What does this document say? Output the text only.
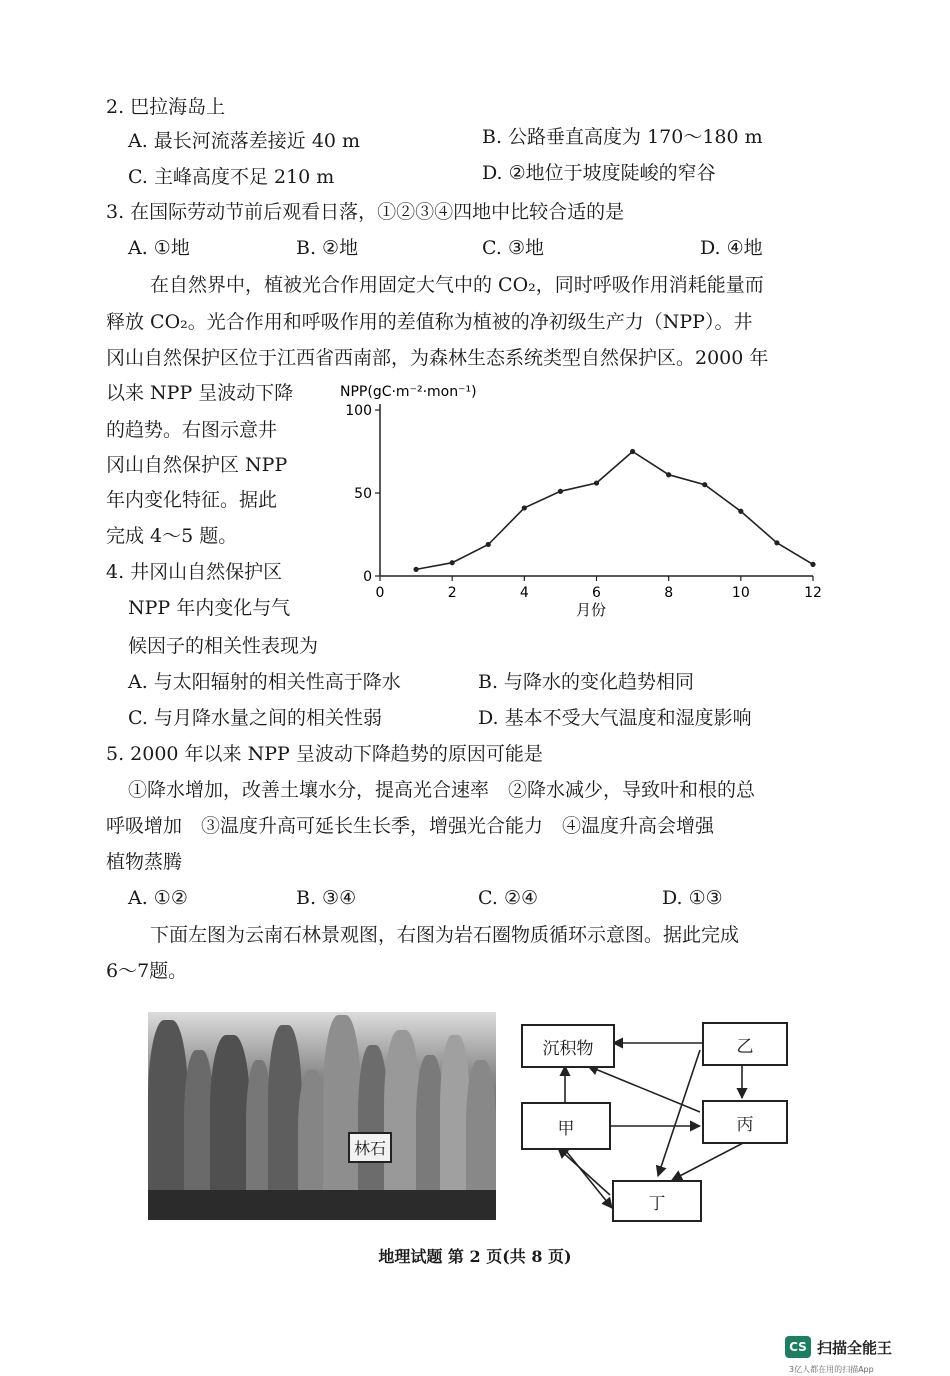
2. 巴拉海岛上
A. 最长河流落差接近 40 m	B. 公路垂直高度为 170～180 m
C. 主峰高度不足 210 m	D. ②地位于坡度陡峻的窄谷
3. 在国际劳动节前后观看日落，①②③④四地中比较合适的是
A. ①地	B. ②地	C. ③地	D. ④地
在自然界中，植被光合作用固定大气中的 CO₂，同时呼吸作用消耗能量而
释放 CO₂。光合作用和呼吸作用的差值称为植被的净初级生产力（NPP）。井
冈山自然保护区位于江西省西南部，为森林生态系统类型自然保护区。2000 年
以来 NPP 呈波动下降
的趋势。右图示意井
冈山自然保护区 NPP
年内变化特征。据此
完成 4～5 题。
NPP(gC·m⁻²·mon⁻¹)
月份
0
50
100
0	2	4	6	8	10	12
4. 井冈山自然保护区
NPP 年内变化与气
候因子的相关性表现为
A. 与太阳辐射的相关性高于降水	B. 与降水的变化趋势相同
C. 与月降水量之间的相关性弱	D. 基本不受大气温度和湿度影响
5. 2000 年以来 NPP 呈波动下降趋势的原因可能是
①降水增加，改善土壤水分，提高光合速率　②降水减少，导致叶和根的总
呼吸增加　③温度升高可延长生长季，增强光合能力　④温度升高会增强
植物蒸腾
A. ①②	B. ③④	C. ②④	D. ①③
下面左图为云南石林景观图，右图为岩石圈物质循环示意图。据此完成
6～7题。
林石
沉积物	乙
甲	丙
丁
地理试题 第 2 页(共 8 页)
CS 扫描全能王
3亿人都在用的扫描App
